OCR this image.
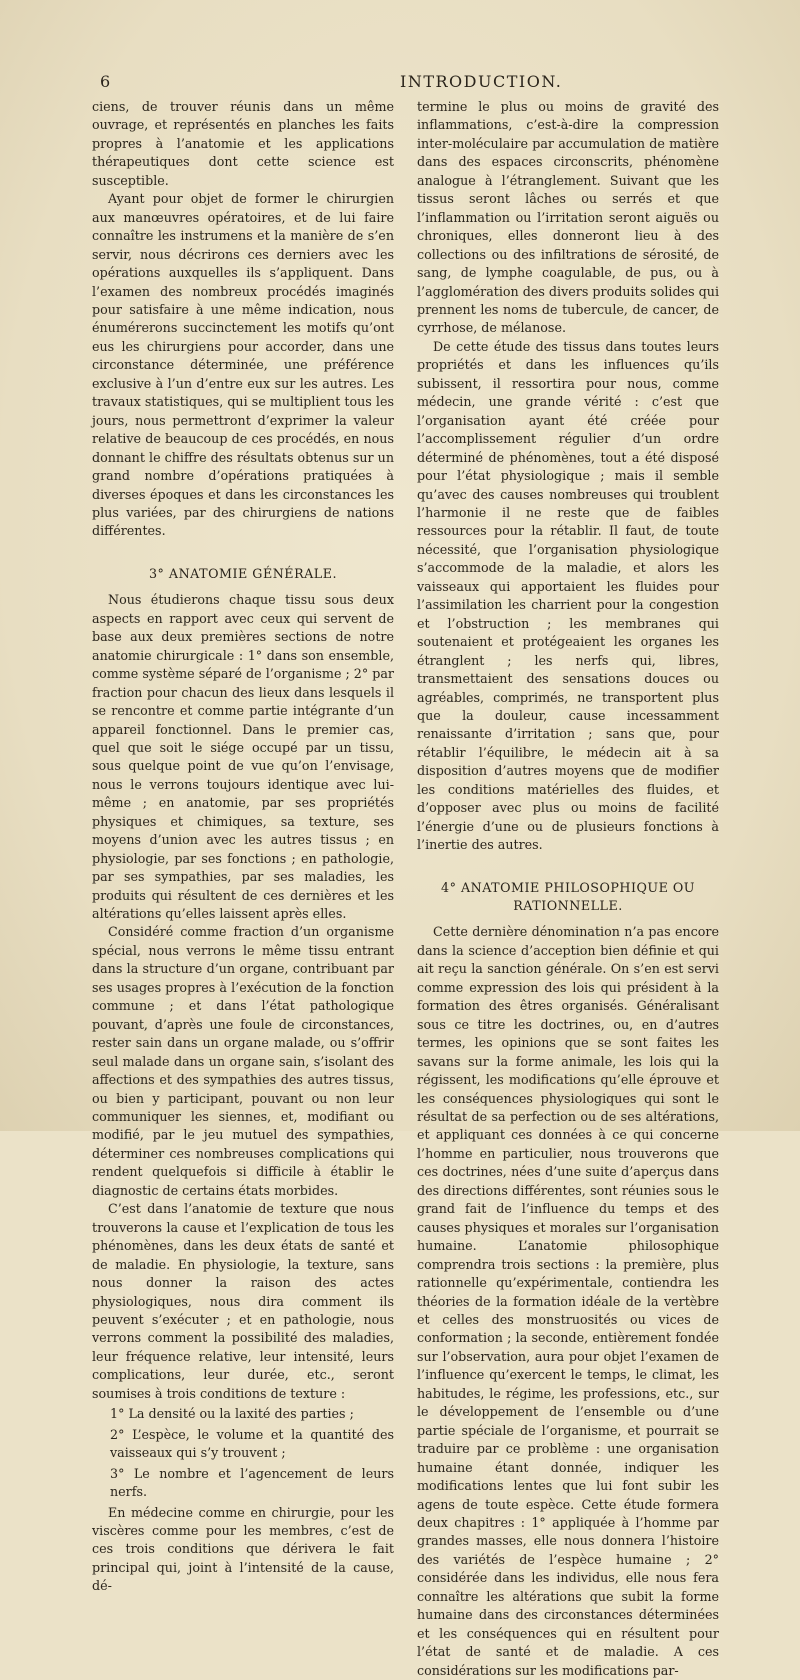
6	INTRODUCTION.

ciens, de trouver réunis dans un même ouvrage, et représentés en planches les faits propres à l’anatomie et les applications thérapeutiques dont cette science est susceptible.

Ayant pour objet de former le chirurgien aux manœuvres opératoires, et de lui faire connaître les instrumens et la manière de s’en servir, nous décrirons ces derniers avec les opérations auxquelles ils s’appliquent. Dans l’examen des nombreux procédés imaginés pour satisfaire à une même indication, nous énumérerons succinctement les motifs qu’ont eus les chirurgiens pour accorder, dans une circonstance déterminée, une préférence exclusive à l’un d’entre eux sur les autres. Les travaux statistiques, qui se multiplient tous les jours, nous permettront d’exprimer la valeur relative de beaucoup de ces procédés, en nous donnant le chiffre des résultats obtenus sur un grand nombre d’opérations pratiquées à diverses époques et dans les circonstances les plus variées, par des chirurgiens de nations différentes.

3° ANATOMIE GÉNÉRALE.

Nous étudierons chaque tissu sous deux aspects en rapport avec ceux qui servent de base aux deux premières sections de notre anatomie chirurgicale : 1° dans son ensemble, comme système séparé de l’organisme ; 2° par fraction pour chacun des lieux dans lesquels il se rencontre et comme partie intégrante d’un appareil fonctionnel. Dans le premier cas, quel que soit le siége occupé par un tissu, sous quelque point de vue qu’on l’envisage, nous le verrons toujours identique avec lui-même ; en anatomie, par ses propriétés physiques et chimiques, sa texture, ses moyens d’union avec les autres tissus ; en physiologie, par ses fonctions ; en pathologie, par ses sympathies, par ses maladies, les produits qui résultent de ces dernières et les altérations qu’elles laissent après elles.

Considéré comme fraction d’un organisme spécial, nous verrons le même tissu entrant dans la structure d’un organe, contribuant par ses usages propres à l’exécution de la fonction commune ; et dans l’état pathologique pouvant, d’après une foule de circonstances, rester sain dans un organe malade, ou s’offrir seul malade dans un organe sain, s’isolant des affections et des sympathies des autres tissus, ou bien y participant, pouvant ou non leur communiquer les siennes, et, modifiant ou modifié, par le jeu mutuel des sympathies, déterminer ces nombreuses complications qui rendent quelquefois si difficile à établir le diagnostic de certains états morbides.

C’est dans l’anatomie de texture que nous trouverons la cause et l’explication de tous les phénomènes, dans les deux états de santé et de maladie. En physiologie, la texture, sans nous donner la raison des actes physiologiques, nous dira comment ils peuvent s’exécuter ; et en pathologie, nous verrons comment la possibilité des maladies, leur fréquence relative, leur intensité, leurs complications, leur durée, etc., seront soumises à trois conditions de texture :

1° La densité ou la laxité des parties ;

2° L’espèce, le volume et la quantité des vaisseaux qui s’y trouvent ;

3° Le nombre et l’agencement de leurs nerfs.

En médecine comme en chirurgie, pour les viscères comme pour les membres, c’est de ces trois conditions que dérivera le fait principal qui, joint à l’intensité de la cause, dé-

termine le plus ou moins de gravité des inflammations, c’est-à-dire la compression inter-moléculaire par accumulation de matière dans des espaces circonscrits, phénomène analogue à l’étranglement. Suivant que les tissus seront lâches ou serrés et que l’inflammation ou l’irritation seront aiguës ou chroniques, elles donneront lieu à des collections ou des infiltrations de sérosité, de sang, de lymphe coagulable, de pus, ou à l’agglomération des divers produits solides qui prennent les noms de tubercule, de cancer, de cyrrhose, de mélanose.

De cette étude des tissus dans toutes leurs propriétés et dans les influences qu’ils subissent, il ressortira pour nous, comme médecin, une grande vérité : c’est que l’organisation ayant été créée pour l’accomplissement régulier d’un ordre déterminé de phénomènes, tout a été disposé pour l’état physiologique ; mais il semble qu’avec des causes nombreuses qui troublent l’harmonie il ne reste que de faibles ressources pour la rétablir. Il faut, de toute nécessité, que l’organisation physiologique s’accommode de la maladie, et alors les vaisseaux qui apportaient les fluides pour l’assimilation les charrient pour la congestion et l’obstruction ; les membranes qui soutenaient et protégeaient les organes les étranglent ; les nerfs qui, libres, transmettaient des sensations douces ou agréables, comprimés, ne transportent plus que la douleur, cause incessamment renaissante d’irritation ; sans que, pour rétablir l’équilibre, le médecin ait à sa disposition d’autres moyens que de modifier les conditions matérielles des fluides, et d’opposer avec plus ou moins de facilité l’énergie d’une ou de plusieurs fonctions à l’inertie des autres.

4° ANATOMIE PHILOSOPHIQUE OU RATIONNELLE.

Cette dernière dénomination n’a pas encore dans la science d’acception bien définie et qui ait reçu la sanction générale. On s’en est servi comme expression des lois qui président à la formation des êtres organisés. Généralisant sous ce titre les doctrines, ou, en d’autres termes, les opinions que se sont faites les savans sur la forme animale, les lois qui la régissent, les modifications qu’elle éprouve et les conséquences physiologiques qui sont le résultat de sa perfection ou de ses altérations, et appliquant ces données à ce qui concerne l’homme en particulier, nous trouverons que ces doctrines, nées d’une suite d’aperçus dans des directions différentes, sont réunies sous le grand fait de l’influence du temps et des causes physiques et morales sur l’organisation humaine. L’anatomie philosophique comprendra trois sections : la première, plus rationnelle qu’expérimentale, contiendra les théories de la formation idéale de la vertèbre et celles des monstruosités ou vices de conformation ; la seconde, entièrement fondée sur l’observation, aura pour objet l’examen de l’influence qu’exercent le temps, le climat, les habitudes, le régime, les professions, etc., sur le développement de l’ensemble ou d’une partie spéciale de l’organisme, et pourrait se traduire par ce problème : une organisation humaine étant donnée, indiquer les modifications lentes que lui font subir les agens de toute espèce. Cette étude formera deux chapitres : 1° appliquée à l’homme par grandes masses, elle nous donnera l’histoire des variétés de l’espèce humaine ; 2° considérée dans les individus, elle nous fera connaître les altérations que subit la forme humaine dans des circonstances déterminées et les conséquences qui en résultent pour l’état de santé et de maladie. A ces considérations sur les modifications par-
